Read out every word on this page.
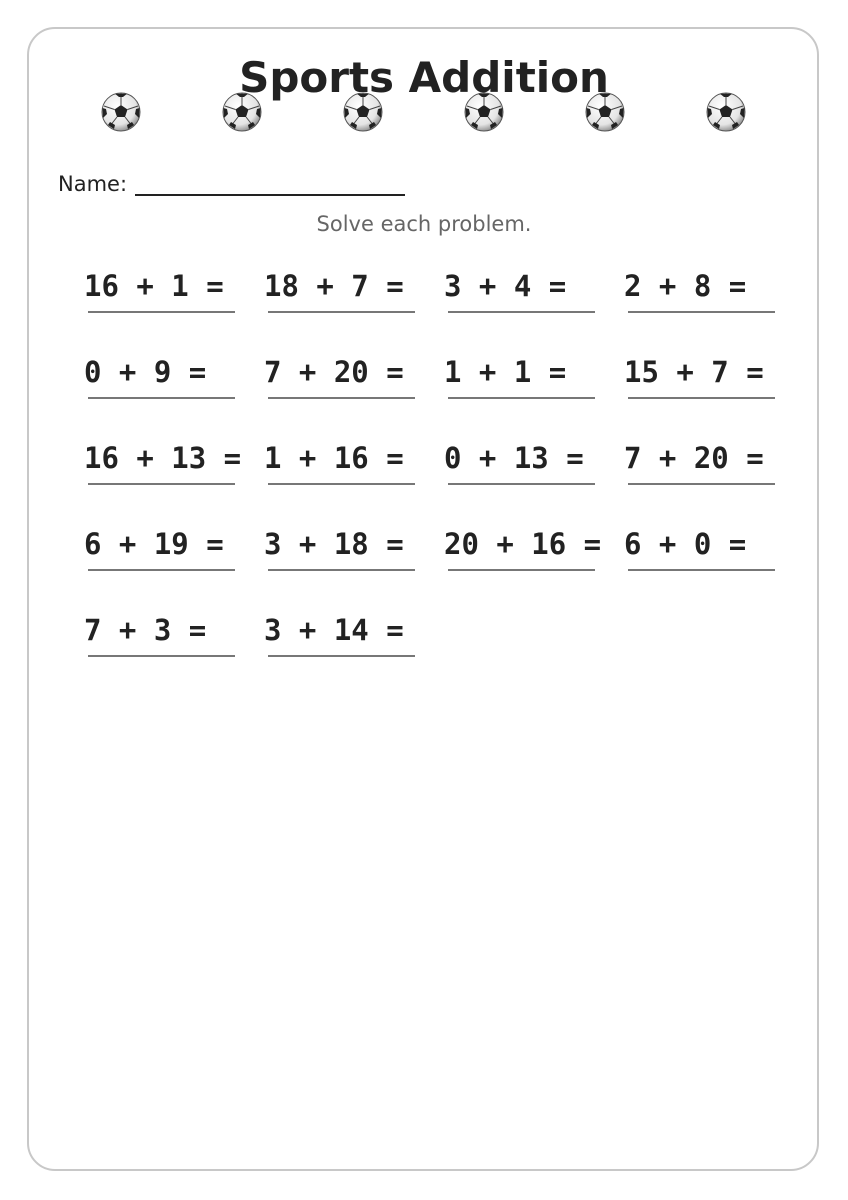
Sports Addition
Name:
Solve each problem.
16 + 1 = 18 + 7 = 3 + 4 = 2 + 8 =
0 + 9 = 7 + 20 = 1 + 1 = 15 + 7 =
16 + 13 = 1 + 16 = 0 + 13 = 7 + 20 =
6 + 19 = 3 + 18 = 20 + 16 = 6 + 0 =
7 + 3 = 3 + 14 =
